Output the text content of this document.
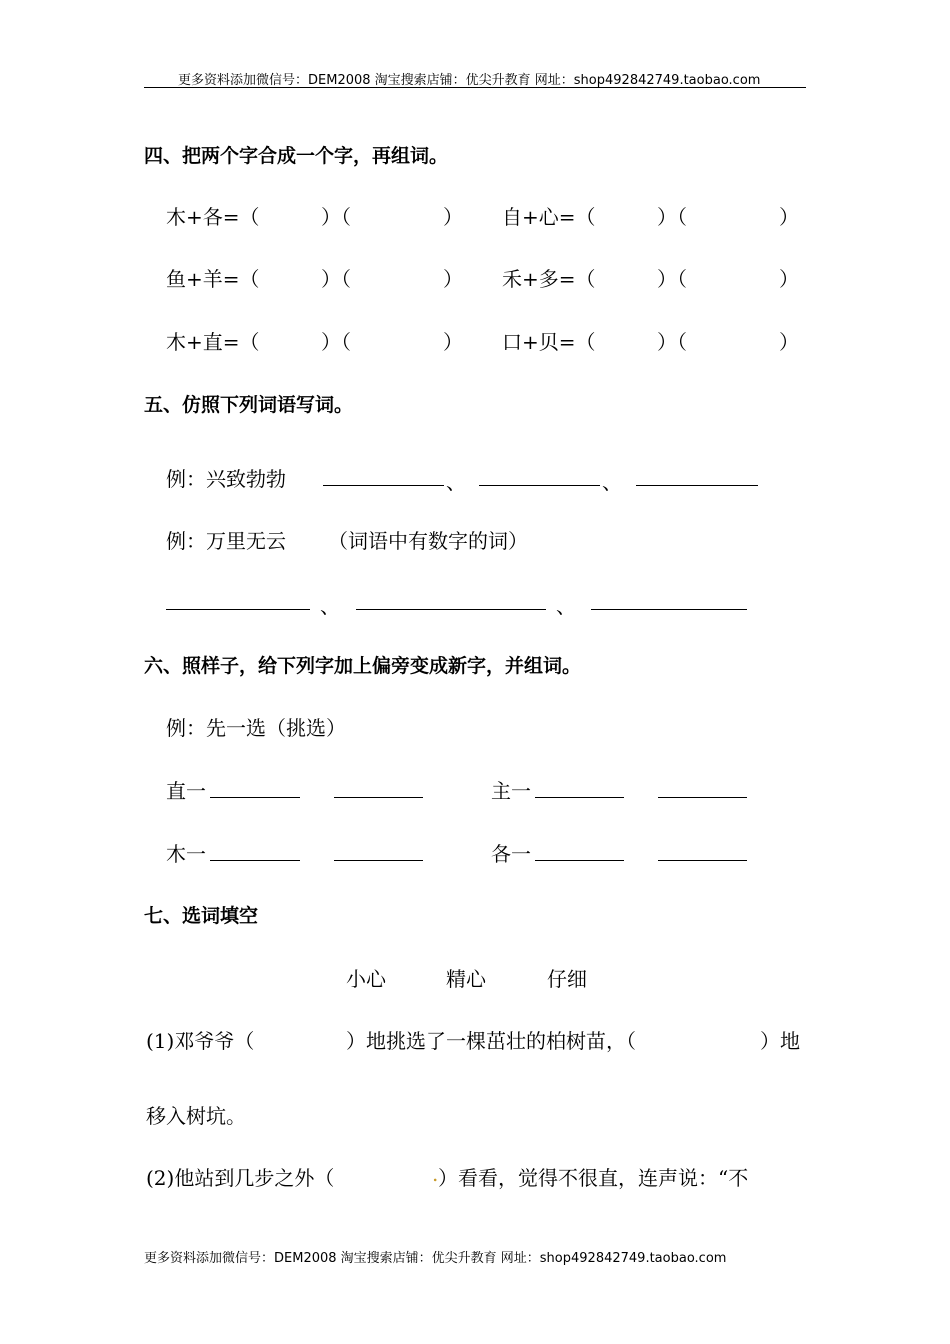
更多资料添加微信号：DEM2008 淘宝搜索店铺：优尖升教育 网址：shop492842749.taobao.com
四、把两个字合成一个字，再组词。
木+各=（	）（	） 自+心=（	）（	）
鱼+羊=（	）（	） 禾+多=（	）（	）
木+直=（	）（	） 口+贝=（	）（	）
五、仿照下列词语写词。
例：兴致勃勃	、	、
例：万里无云 （词语中有数字的词）
、	、
六、照样子，给下列字加上偏旁变成新字，并组词。
例：先一选（挑选）
直一	主一
木一	各一
七、选词填空
小心	精心	仔细
(1)邓爷爷（	）地挑选了一棵茁壮的柏树苗，（	）地
移入树坑。
(2)他站到几步之外（	. ）看看，觉得不很直，连声说：“不
更多资料添加微信号：DEM2008 淘宝搜索店铺：优尖升教育 网址：shop492842749.taobao.com
